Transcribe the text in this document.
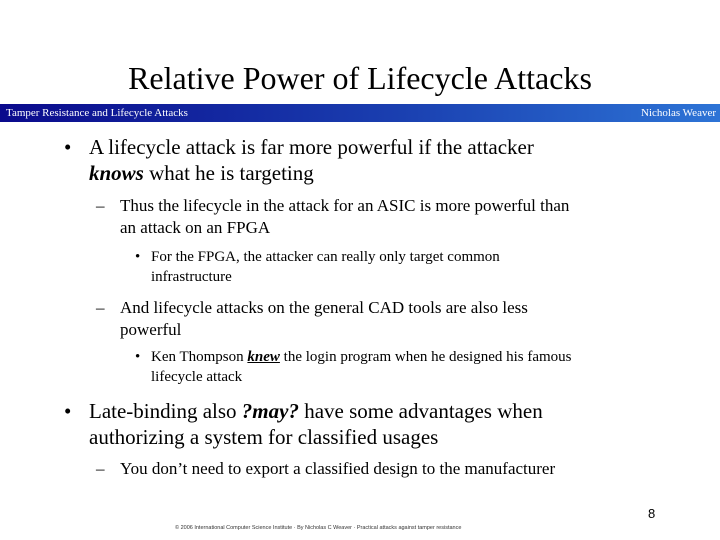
Relative Power of Lifecycle Attacks
Tamper Resistance and Lifecycle Attacks	Nicholas Weaver
• A lifecycle attack is far more powerful if the attacker
knows what he is targeting
– Thus the lifecycle in the attack for an ASIC is more powerful than
an attack on an FPGA
• For the FPGA, the attacker can really only target common
infrastructure
– And lifecycle attacks on the general CAD tools are also less
powerful
• Ken Thompson knew the login program when he designed his famous
lifecycle attack
• Late-binding also ?may? have some advantages when
authorizing a system for classified usages
– You don’t need to export a classified design to the manufacturer
8
© 2006 International Computer Science Institute · By Nicholas C Weaver · Practical attacks against tamper resistance
